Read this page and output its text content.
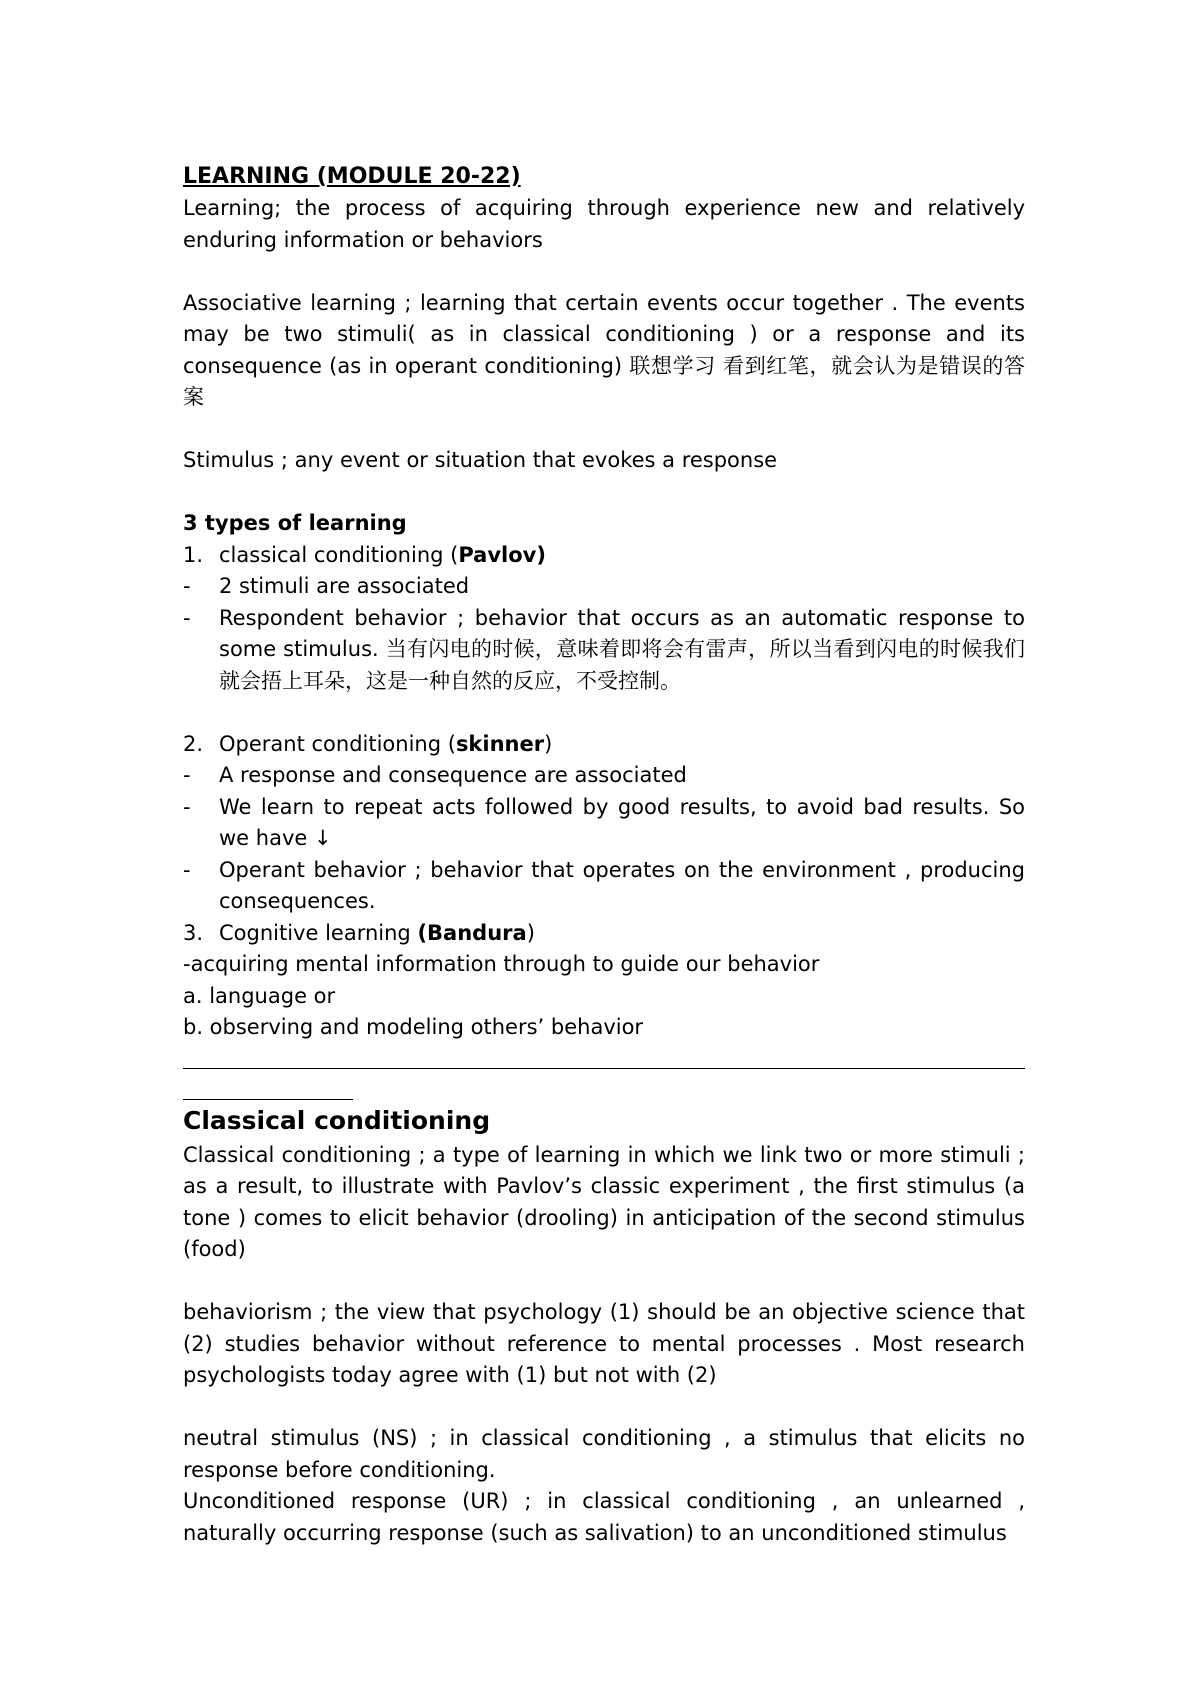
LEARNING (MODULE 20-22)

Learning; the process of acquiring through experience new and relatively enduring information or behaviors

Associative learning ; learning that certain events occur together . The events may be two stimuli( as in classical conditioning ) or a response and its consequence (as in operant conditioning) 联想学习 看到红笔，就会认为是错误的答案

Stimulus ; any event or situation that evokes a response

3 types of learning
1. classical conditioning (Pavlov)
-	2 stimuli are associated
-	Respondent behavior ; behavior that occurs as an automatic response to some stimulus. 当有闪电的时候，意味着即将会有雷声，所以当看到闪电的时候我们就会捂上耳朵，这是一种自然的反应，不受控制。
2. Operant conditioning (skinner)
-	A response and consequence are associated
-	We learn to repeat acts followed by good results, to avoid bad results. So we have ↓
-	Operant behavior ; behavior that operates on the environment , producing consequences.
3. Cognitive learning (Bandura)

-acquiring mental information through to guide our behavior

a. language or

b. observing and modeling others’ behavior

Classical conditioning

Classical conditioning ; a type of learning in which we link two or more stimuli ; as a result, to illustrate with Pavlov’s classic experiment , the first stimulus (a tone ) comes to elicit behavior (drooling) in anticipation of the second stimulus (food)

behaviorism ; the view that psychology (1) should be an objective science that (2) studies behavior without reference to mental processes . Most research psychologists today agree with (1) but not with (2)

neutral stimulus (NS) ; in classical conditioning , a stimulus that elicits no response before conditioning.

Unconditioned response (UR) ; in classical conditioning , an unlearned , naturally occurring response (such as salivation) to an unconditioned stimulus
